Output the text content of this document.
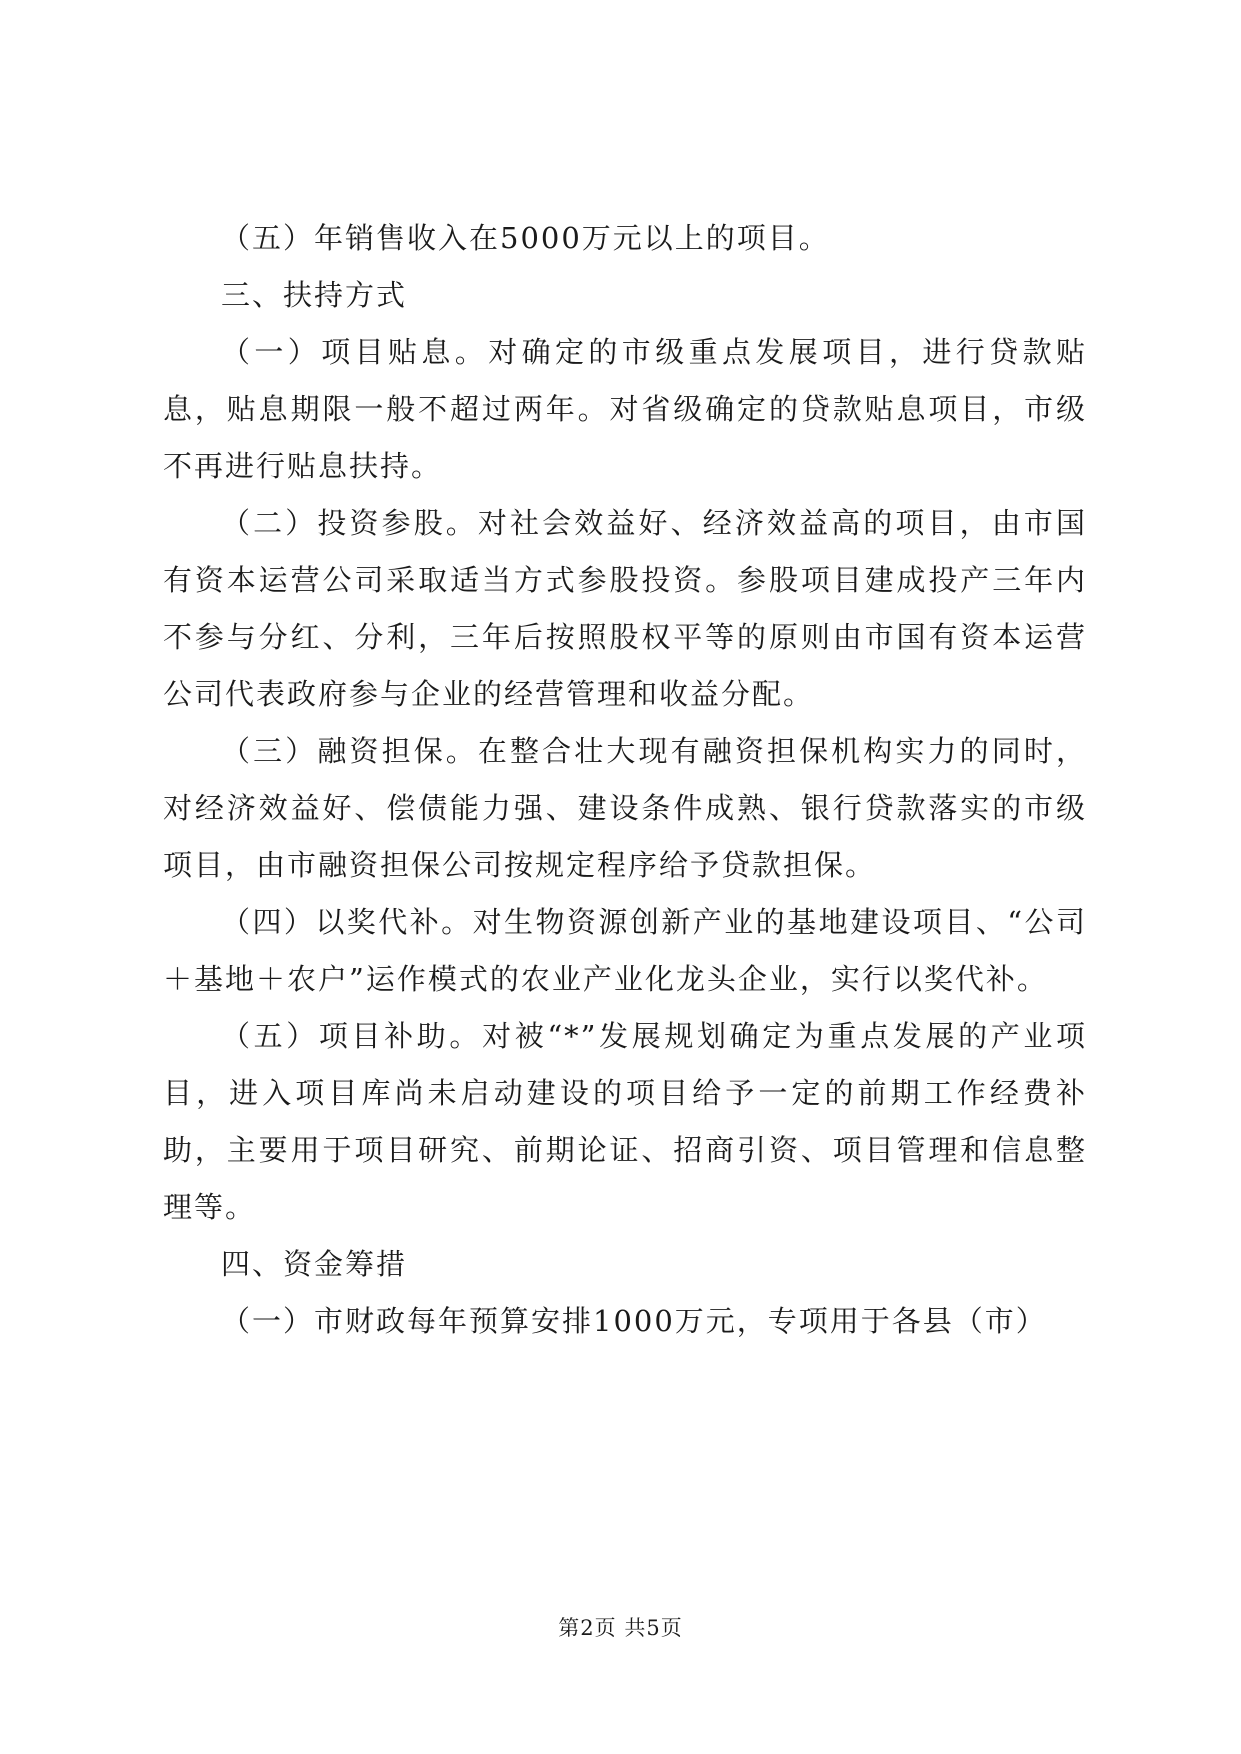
（五）年销售收入在5000万元以上的项目。

三、扶持方式

（一）项目贴息。对确定的市级重点发展项目，进行贷款贴息，贴息期限一般不超过两年。对省级确定的贷款贴息项目，市级不再进行贴息扶持。

（二）投资参股。对社会效益好、经济效益高的项目，由市国有资本运营公司采取适当方式参股投资。参股项目建成投产三年内不参与分红、分利，三年后按照股权平等的原则由市国有资本运营公司代表政府参与企业的经营管理和收益分配。

（三）融资担保。在整合壮大现有融资担保机构实力的同时，对经济效益好、偿债能力强、建设条件成熟、银行贷款落实的市级项目，由市融资担保公司按规定程序给予贷款担保。

（四）以奖代补。对生物资源创新产业的基地建设项目、“公司＋基地＋农户”运作模式的农业产业化龙头企业，实行以奖代补。

（五）项目补助。对被“*”发展规划确定为重点发展的产业项目，进入项目库尚未启动建设的项目给予一定的前期工作经费补助，主要用于项目研究、前期论证、招商引资、项目管理和信息整理等。

四、资金筹措

（一）市财政每年预算安排1000万元，专项用于各县（市）

第2页 共5页
